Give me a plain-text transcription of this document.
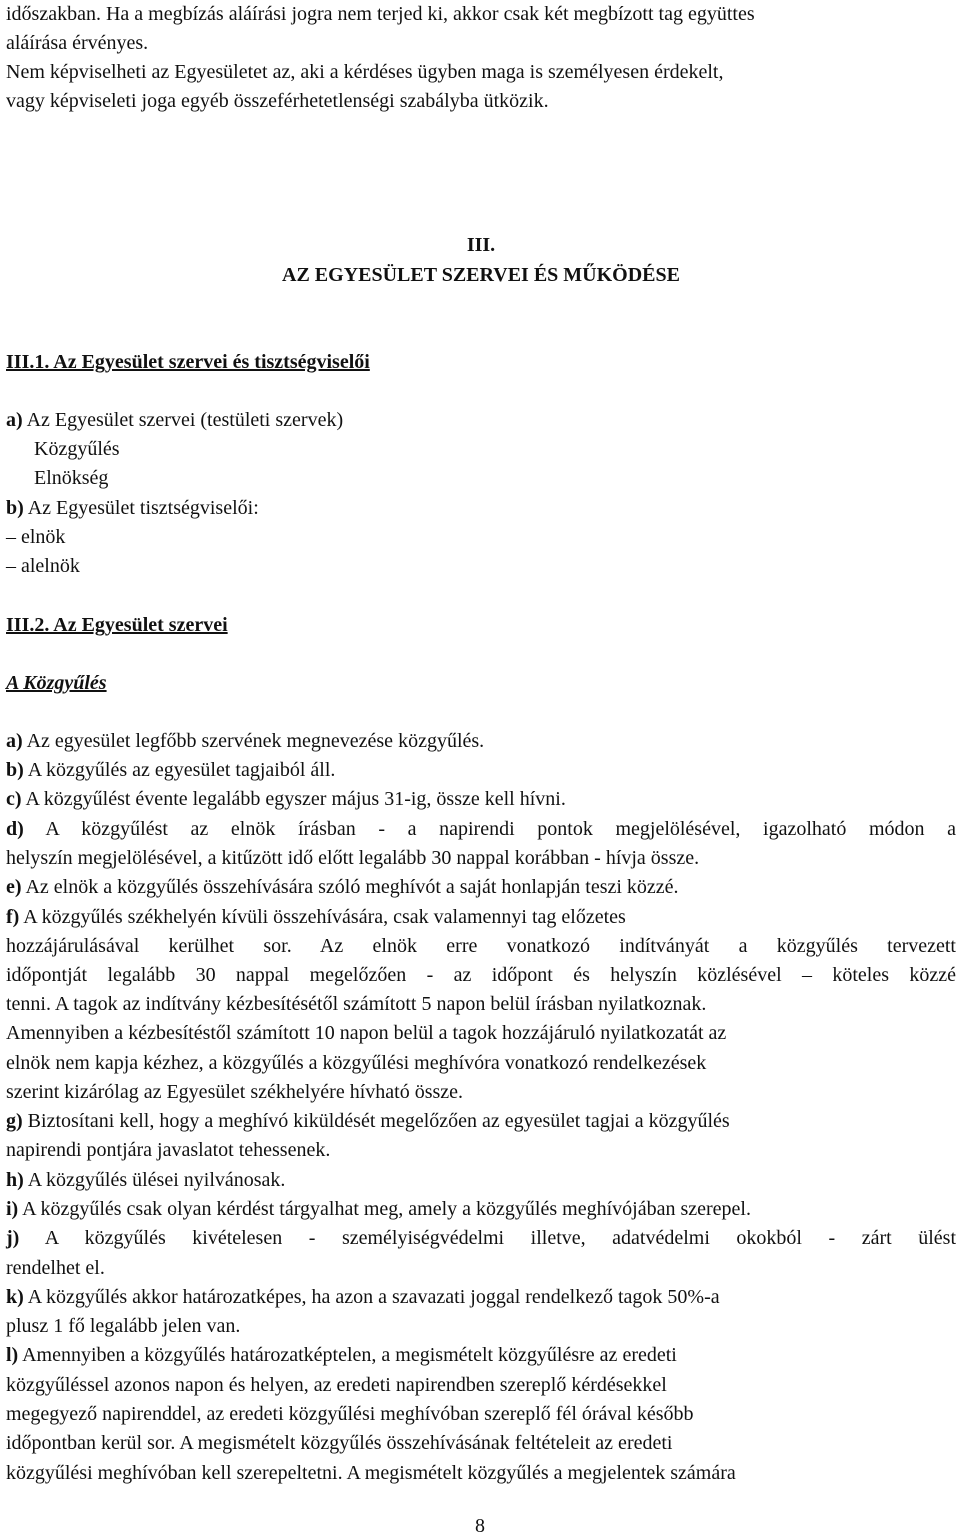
időszakban. Ha a megbízás aláírási jogra nem terjed ki, akkor csak két megbízott tag együttes
aláírása érvényes.
Nem képviselheti az Egyesületet az, aki a kérdéses ügyben maga is személyesen érdekelt,
vagy képviseleti joga egyéb összeférhetetlenségi szabályba ütközik.
III.
AZ EGYESÜLET SZERVEI ÉS MŰKÖDÉSE
III.1. Az Egyesület szervei és tisztségviselői
a) Az Egyesület szervei (testületi szervek)
Közgyűlés
Elnökség
b) Az Egyesület tisztségviselői:
– elnök
– alelnök
III.2. Az Egyesület szervei
A Közgyűlés
a) Az egyesület legfőbb szervének megnevezése közgyűlés.
b) A közgyűlés az egyesület tagjaiból áll.
c) A közgyűlést évente legalább egyszer május 31-ig, össze kell hívni.
d) A közgyűlést az elnök írásban - a napirendi pontok megjelölésével, igazolható módon a
helyszín megjelölésével, a kitűzött idő előtt legalább 30 nappal korábban - hívja össze.
e) Az elnök a közgyűlés összehívására szóló meghívót a saját honlapján teszi közzé.
f) A közgyűlés székhelyén kívüli összehívására, csak valamennyi tag előzetes
hozzájárulásával kerülhet sor. Az elnök erre vonatkozó indítványát a közgyűlés tervezett
időpontját legalább 30 nappal megelőzően - az időpont és helyszín közlésével – köteles közzé
tenni. A tagok az indítvány kézbesítésétől számított 5 napon belül írásban nyilatkoznak.
Amennyiben a kézbesítéstől számított 10 napon belül a tagok hozzájáruló nyilatkozatát az
elnök nem kapja kézhez, a közgyűlés a közgyűlési meghívóra vonatkozó rendelkezések
szerint kizárólag az Egyesület székhelyére hívható össze.
g) Biztosítani kell, hogy a meghívó kiküldését megelőzően az egyesület tagjai a közgyűlés
napirendi pontjára javaslatot tehessenek.
h) A közgyűlés ülései nyilvánosak.
i) A közgyűlés csak olyan kérdést tárgyalhat meg, amely a közgyűlés meghívójában szerepel.
j) A közgyűlés kivételesen - személyiségvédelmi illetve, adatvédelmi okokból - zárt ülést
rendelhet el.
k) A közgyűlés akkor határozatképes, ha azon a szavazati joggal rendelkező tagok 50%-a
plusz 1 fő legalább jelen van.
l) Amennyiben a közgyűlés határozatképtelen, a megismételt közgyűlésre az eredeti
közgyűléssel azonos napon és helyen, az eredeti napirendben szereplő kérdésekkel
megegyező napirenddel, az eredeti közgyűlési meghívóban szereplő fél órával később
időpontban kerül sor. A megismételt közgyűlés összehívásának feltételeit az eredeti
közgyűlési meghívóban kell szerepeltetni. A megismételt közgyűlés a megjelentek számára
8
